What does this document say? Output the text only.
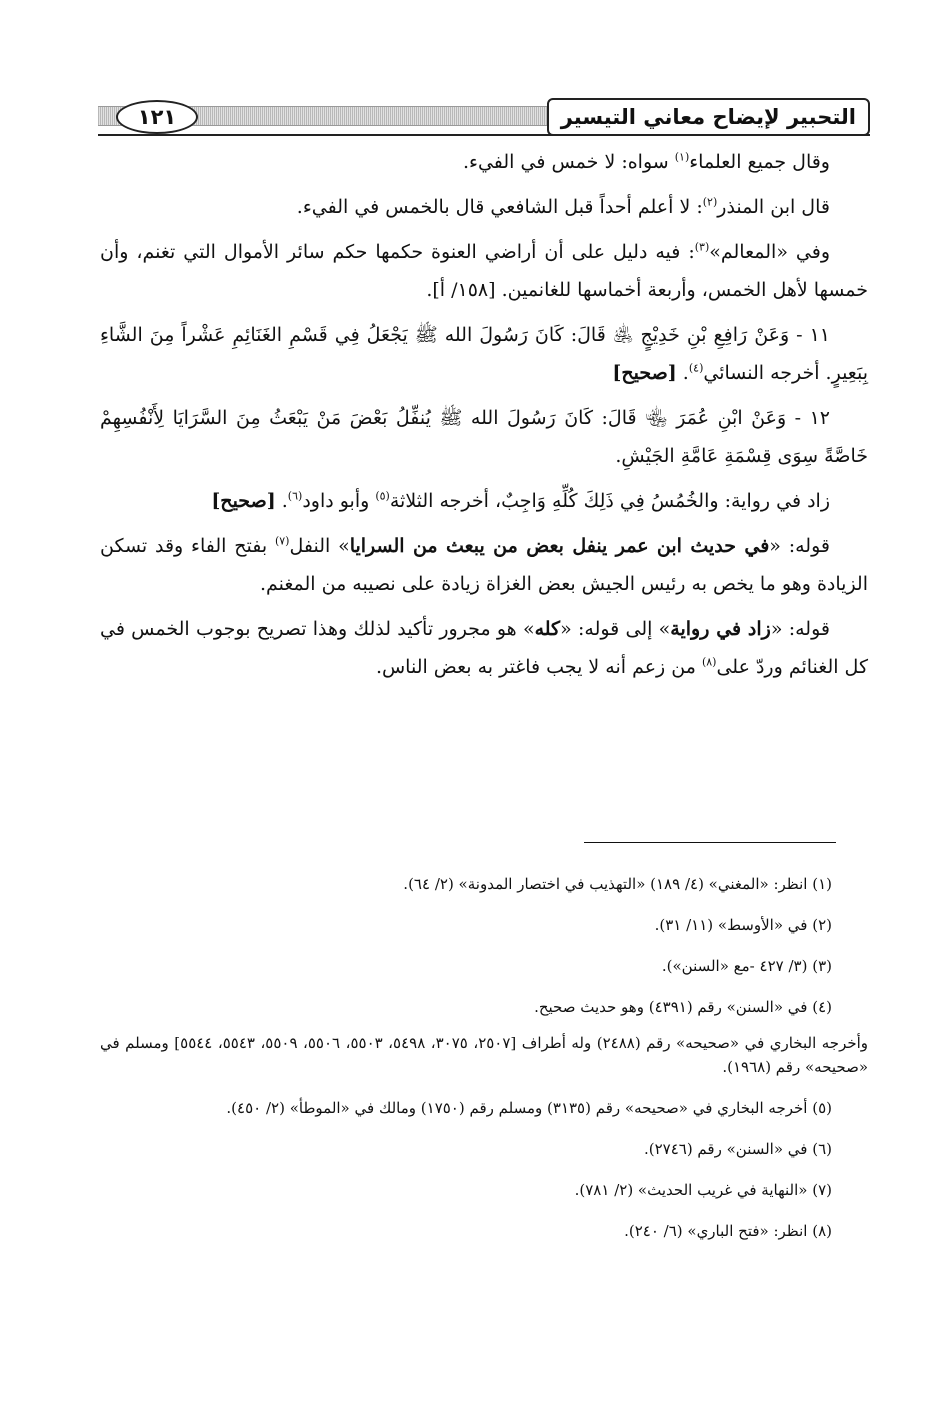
التحبير لإيضاح معاني التيسير
١٢١

وقال جميع العلماء$^{(١)}$ سواه: لا خمس في الفيء.

قال ابن المنذر$^{(٢)}$: لا أعلم أحداً قبل الشافعي قال بالخمس في الفيء.

وفي «المعالم»$^{(٣)}$: فيه دليل على أن أراضي العنوة حكمها حكم سائر الأموال التي تغنم، وأن خمسها لأهل الخمس، وأربعة أخماسها للغانمين. [١٥٨/ أ].

١١ - وَعَنْ رَافِعِ بْنِ خَدِيْجٍ ﵁ قَالَ: كَانَ رَسُولَ الله ﷺ يَجْعَلُ فِي قَسْمِ الغَنَائِمِ عَشْراً مِنَ الشَّاءِ بِبَعِيرٍ. أخرجه النسائي$^{(٤)}$. [صحيح]

١٢ - وَعَنْ ابْنِ عُمَرَ ﵄ قَالَ: كَانَ رَسُولَ الله ﷺ يُنفِّلُ بَعْضَ مَنْ يَبْعَثُ مِنَ السَّرَايَا لِأَنْفُسِهِمْ خَاصَّةً سِوَى قِسْمَةِ عَامَّةِ الجَيْشِ.

زاد في رواية: والخُمُسُ فِي ذَلِكَ كُلِّهِ وَاجِبٌ، أخرجه الثلاثة$^{(٥)}$ وأبو داود$^{(٦)}$. [صحيح]

قوله: «في حديث ابن عمر ينفل بعض من يبعث من السرايا» النفل$^{(٧)}$ بفتح الفاء وقد تسكن الزيادة وهو ما يخص به رئيس الجيش بعض الغزاة زيادة على نصيبه من المغنم.

قوله: «زاد في رواية» إلى قوله: «كله» هو مجرور تأكيد لذلك وهذا تصريح بوجوب الخمس في كل الغنائم وردّ على$^{(٨)}$ من زعم أنه لا يجب فاغتر به بعض الناس.

(١) انظر: «المغني» (٤/ ١٨٩) «التهذيب في اختصار المدونة» (٢/ ٦٤).

(٢) في «الأوسط» (١١/ ٣١).

(٣) (٣/ ٤٢٧ -مع «السنن»).

(٤) في «السنن» رقم (٤٣٩١) وهو حديث صحيح.

وأخرجه البخاري في «صحيحه» رقم (٢٤٨٨) وله أطراف [٢٥٠٧، ٣٠٧٥، ٥٤٩٨، ٥٥٠٣، ٥٥٠٦، ٥٥٠٩، ٥٥٤٣، ٥٥٤٤] ومسلم في «صحيحه» رقم (١٩٦٨).

(٥) أخرجه البخاري في «صحيحه» رقم (٣١٣٥) ومسلم رقم (١٧٥٠) ومالك في «الموطأ» (٢/ ٤٥٠).

(٦) في «السنن» رقم (٢٧٤٦).

(٧) «النهاية في غريب الحديث» (٢/ ٧٨١).

(٨) انظر: «فتح الباري» (٦/ ٢٤٠).
